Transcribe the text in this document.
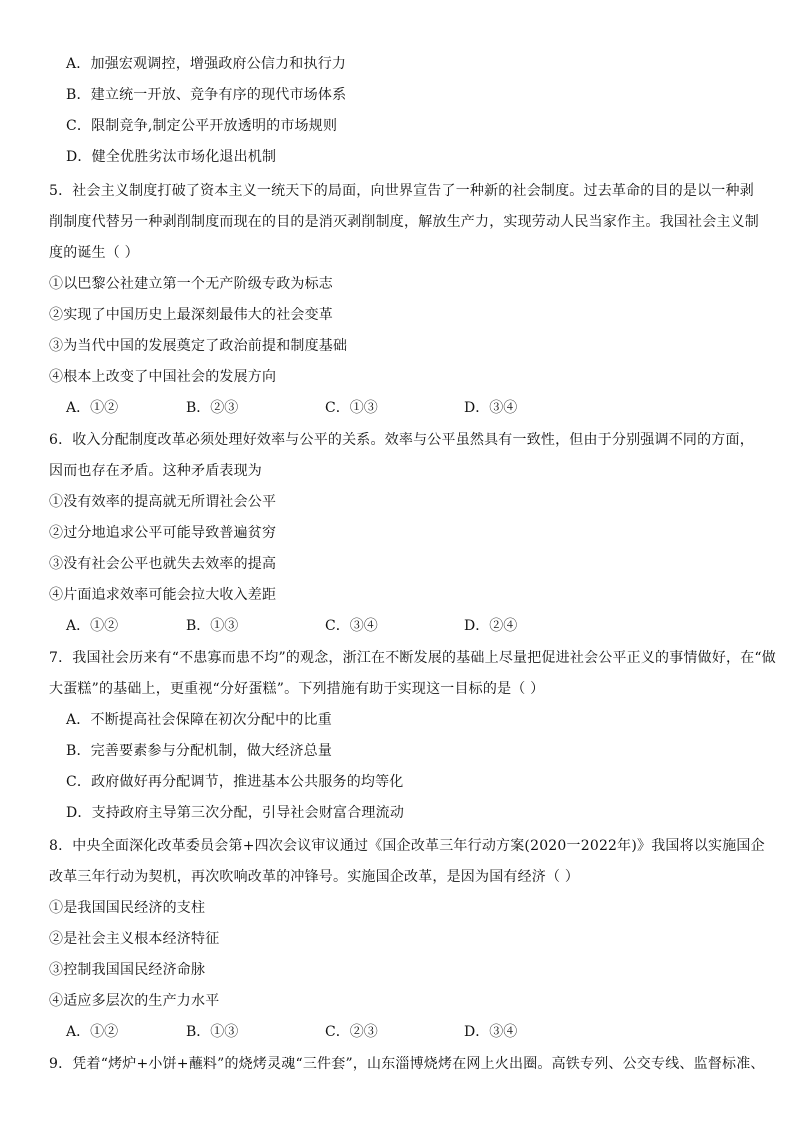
A．加强宏观调控，增强政府公信力和执行力
B．建立统一开放、竞争有序的现代市场体系
C．限制竞争,制定公平开放透明的市场规则
D．健全优胜劣汰市场化退出机制
5．社会主义制度打破了资本主义一统天下的局面，向世界宣告了一种新的社会制度。过去革命的目的是以一种剥
削制度代替另一种剥削制度而现在的目的是消灭剥削制度，解放生产力，实现劳动人民当家作主。我国社会主义制
度的诞生（ ）
①以巴黎公社建立第一个无产阶级专政为标志
②实现了中国历史上最深刻最伟大的社会变革
③为当代中国的发展奠定了政治前提和制度基础
④根本上改变了中国社会的发展方向
A．①②	B．②③	C．①③	D．③④
6．收入分配制度改革必须处理好效率与公平的关系。效率与公平虽然具有一致性，但由于分别强调不同的方面，
因而也存在矛盾。这种矛盾表现为
①没有效率的提高就无所谓社会公平
②过分地追求公平可能导致普遍贫穷
③没有社会公平也就失去效率的提高
④片面追求效率可能会拉大收入差距
A．①②	B．①③	C．③④	D．②④
7．我国社会历来有“不患寡而患不均”的观念，浙江在不断发展的基础上尽量把促进社会公平正义的事情做好，在“做
大蛋糕”的基础上，更重视“分好蛋糕”。下列措施有助于实现这一目标的是（ ）
A．不断提高社会保障在初次分配中的比重
B．完善要素参与分配机制，做大经济总量
C．政府做好再分配调节，推进基本公共服务的均等化
D．支持政府主导第三次分配，引导社会财富合理流动
8．中央全面深化改革委员会第+四次会议审议通过《国企改革三年行动方案(2020一2022年)》我国将以实施国企
改革三年行动为契机，再次吹响改革的冲锋号。实施国企改革，是因为国有经济（ ）
①是我国国民经济的支柱
②是社会主义根本经济特征
③控制我国国民经济命脉
④适应多层次的生产力水平
A．①②	B．①③	C．②③	D．③④
9．凭着“烤炉+小饼+蘸料”的烧烤灵魂“三件套”，山东淄博烧烤在网上火出圈。高铁专列、公交专线、监督标准、
